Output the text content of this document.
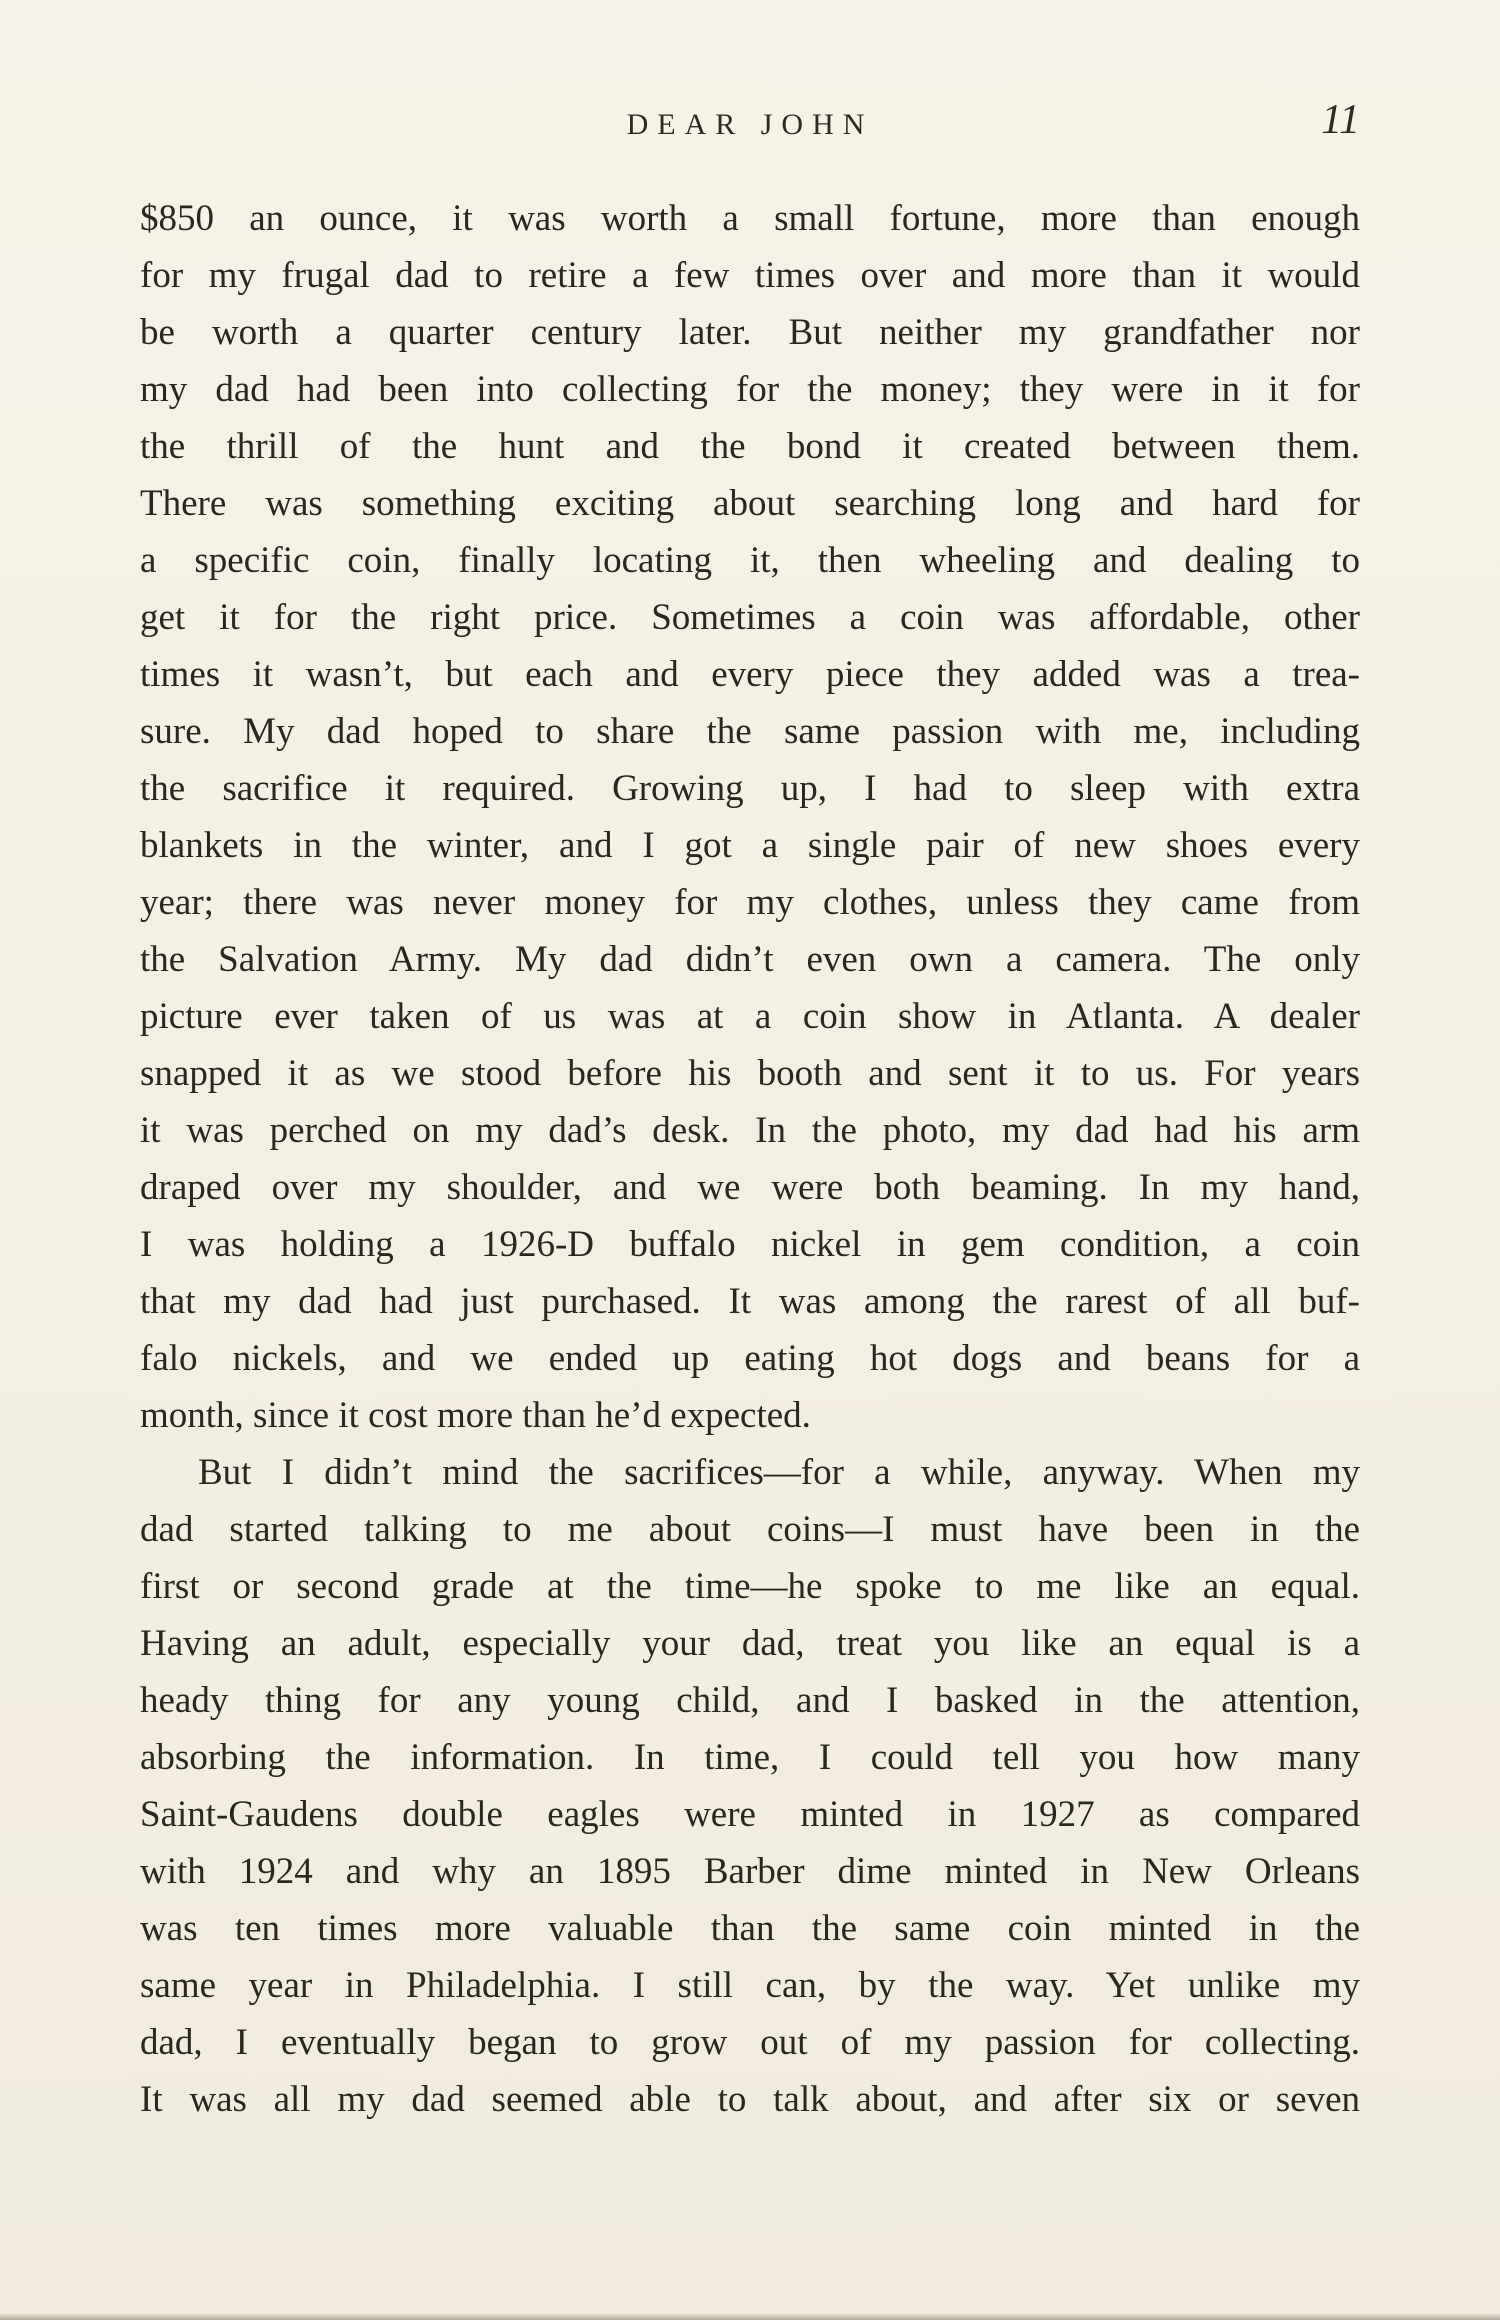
DEAR JOHN	11
$850 an ounce, it was worth a small fortune, more than enough
for my frugal dad to retire a few times over and more than it would
be worth a quarter century later. But neither my grandfather nor
my dad had been into collecting for the money; they were in it for
the thrill of the hunt and the bond it created between them.
There was something exciting about searching long and hard for
a specific coin, finally locating it, then wheeling and dealing to
get it for the right price. Sometimes a coin was affordable, other
times it wasn’t, but each and every piece they added was a trea-
sure. My dad hoped to share the same passion with me, including
the sacrifice it required. Growing up, I had to sleep with extra
blankets in the winter, and I got a single pair of new shoes every
year; there was never money for my clothes, unless they came from
the Salvation Army. My dad didn’t even own a camera. The only
picture ever taken of us was at a coin show in Atlanta. A dealer
snapped it as we stood before his booth and sent it to us. For years
it was perched on my dad’s desk. In the photo, my dad had his arm
draped over my shoulder, and we were both beaming. In my hand,
I was holding a 1926-D buffalo nickel in gem condition, a coin
that my dad had just purchased. It was among the rarest of all buf-
falo nickels, and we ended up eating hot dogs and beans for a
month, since it cost more than he’d expected.
But I didn’t mind the sacrifices—for a while, anyway. When my
dad started talking to me about coins—I must have been in the
first or second grade at the time—he spoke to me like an equal.
Having an adult, especially your dad, treat you like an equal is a
heady thing for any young child, and I basked in the attention,
absorbing the information. In time, I could tell you how many
Saint-Gaudens double eagles were minted in 1927 as compared
with 1924 and why an 1895 Barber dime minted in New Orleans
was ten times more valuable than the same coin minted in the
same year in Philadelphia. I still can, by the way. Yet unlike my
dad, I eventually began to grow out of my passion for collecting.
It was all my dad seemed able to talk about, and after six or seven
